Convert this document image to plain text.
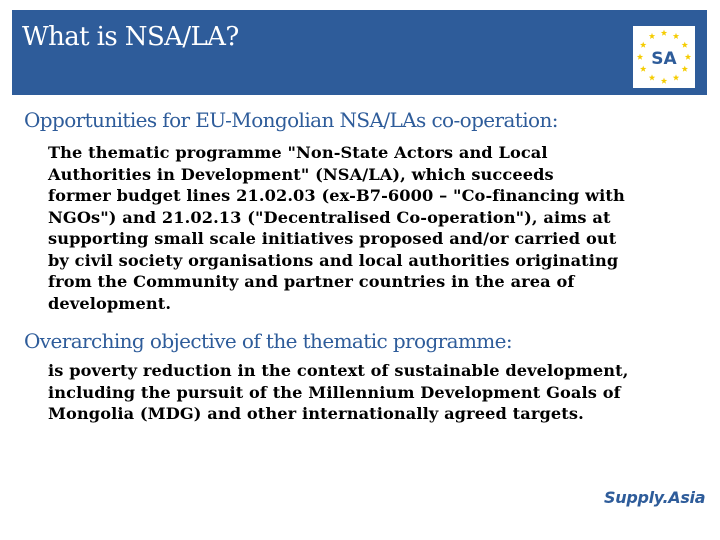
What is NSA/LA?
SA
Opportunities for EU-Mongolian NSA/LAs co-operation:
The thematic programme "Non-State Actors and Local
Authorities in Development" (NSA/LA), which succeeds
former budget lines 21.02.03 (ex-B7-6000 – "Co-financing with
NGOs") and 21.02.13 ("Decentralised Co-operation"), aims at
supporting small scale initiatives proposed and/or carried out
by civil society organisations and local authorities originating
from the Community and partner countries in the area of
development.
Overarching objective of the thematic programme:
is poverty reduction in the context of sustainable development,
including the pursuit of the Millennium Development Goals of
Mongolia (MDG) and other internationally agreed targets.
Supply.Asia
